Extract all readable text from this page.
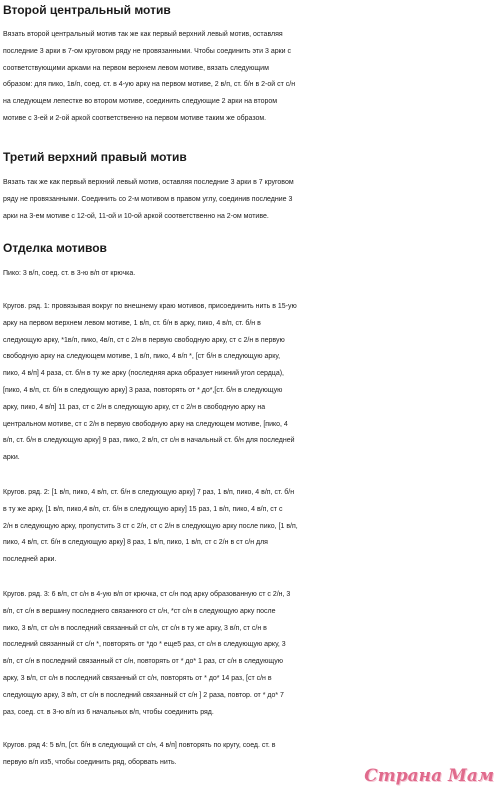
Второй центральный мотив
Вязать второй центральный мотив так же как первый верхний левый мотив, оставляя
последние 3 арки в 7-ом круговом ряду не провязанными. Чтобы соединить эти 3 арки с
соответствующими арками на первом верхнем левом мотиве, вязать следующим
образом: для пико, 1в/п, соед. ст. в 4-ую арку на первом мотиве, 2 в/п, ст. б/н в 2-ой ст с/н
на следующем лепестке во втором мотиве, соединить следующие 2 арки на втором
мотиве с 3-ей и 2-ой аркой соответственно на первом мотиве таким же образом.
Третий верхний правый мотив
Вязать так же как первый верхний левый мотив, оставляя последние 3 арки в 7 круговом
ряду не провязанными. Соединить со 2-м мотивом в правом углу, соединив последние 3
арки на 3-ем мотиве с 12-ой, 11-ой и 10-ой аркой соответственно на 2-ом мотиве.
Отделка мотивов
Пико: 3 в/п, соед. ст. в 3-ю в/п от крючка.
Кругов. ряд. 1: провязывая вокруг по внешнему краю мотивов, присоединить нить в 15-ую
арку на первом верхнем левом мотиве, 1 в/п, ст. б/н в арку, пико, 4 в/п, ст. б/н в
следующую арку, *1в/п, пико, 4в/п, ст с 2/н в первую свободную арку, ст с 2/н в первую
свободную арку на следующем мотиве, 1 в/п, пико, 4 в/п *, [ст б/н в следующую арку,
пико, 4 в/п] 4 раза, ст. б/н в ту же арку (последняя арка образует нижний угол сердца),
[пико, 4 в/п, ст. б/н в следующую арку] 3 раза, повторять от * до*,[ст. б/н в следующую
арку, пико, 4 в/п] 11 раз, ст с 2/н в следующую арку, ст с 2/н в свободную арку на
центральном мотиве, ст с 2/н в первую свободную арку на следующем мотиве, [пико, 4
в/п, ст. б/н в следующую арку] 9 раз, пико, 2 в/п, ст с/н в начальный ст. б/н для последней
арки.
Кругов. ряд. 2: [1 в/п, пико, 4 в/п, ст. б/н в следующую арку] 7 раз, 1 в/п, пико, 4 в/п, ст. б/н
в ту же арку, [1 в/п, пико,4 в/п, ст. б/н в следующую арку] 15 раз, 1 в/п, пико, 4 в/п, ст с
2/н в следующую арку, пропустить 3 ст с 2/н, ст с 2/н в следующую арку после пико, [1 в/п,
пико, 4 в/п, ст. б/н в следующую арку] 8 раз, 1 в/п, пико, 1 в/п, ст с 2/н в ст с/н для
последней арки.
Кругов. ряд. 3: 6 в/п, ст с/н в 4-ую в/п от крючка, ст с/н под арку образованную ст с 2/н, 3
в/п, ст с/н в вершину последнего связанного ст с/н, *ст с/н в следующую арку после
пико, 3 в/п, ст с/н в последний связанный ст с/н, ст с/н в ту же арку, 3 в/п, ст с/н в
последний связанный ст с/н *, повторять от *до * еще5 раз, ст с/н в следующую арку, 3
в/п, ст с/н в последний связанный ст с/н, повторять от * до* 1 раз, ст с/н в следующую
арку, 3 в/п, ст с/н в последний связанный ст с/н, повторять от * до* 14 раз, [ст с/н в
следующую арку, 3 в/п, ст с/н в последний связанный ст с/н ] 2 раза, повтор. от * до* 7
раз, соед. ст. в 3-ю в/п из 6 начальных в/п, чтобы соединить ряд.
Кругов. ряд 4: 5 в/п, [ст. б/н в следующий ст с/н, 4 в/п] повторять по кругу, соед. ст. в
первую в/п из5, чтобы соединить ряд, оборвать нить.
Страна Мам
